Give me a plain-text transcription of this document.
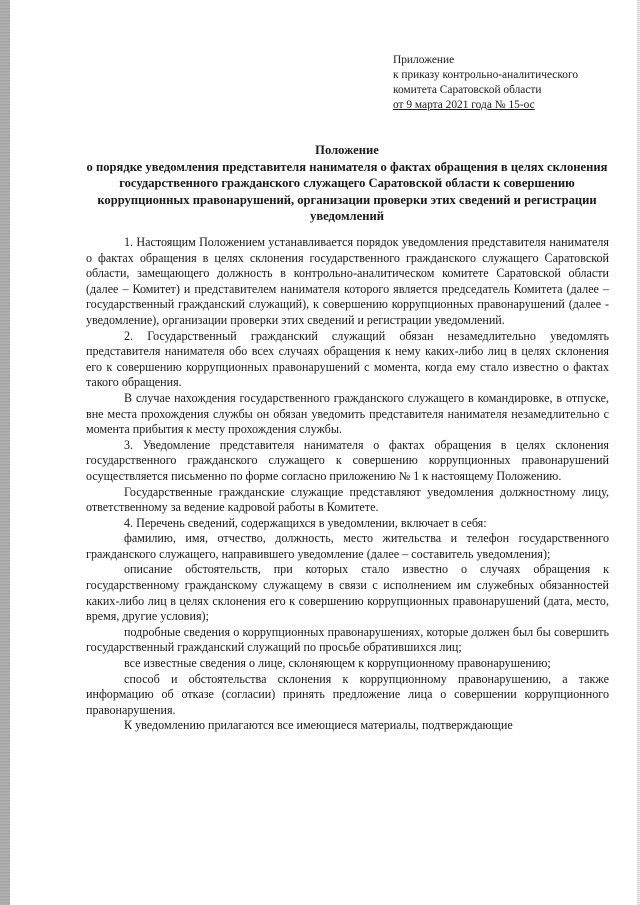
Приложение
к приказу контрольно-аналитического
комитета Саратовской области
от 9 марта 2021 года № 15-ос
Положение
о порядке уведомления представителя нанимателя о фактах обращения в целях склонения государственного гражданского служащего Саратовской области к совершению коррупционных правонарушений, организации проверки этих сведений и регистрации уведомлений

1. Настоящим Положением устанавливается порядок уведомления представителя нанимателя о фактах обращения в целях склонения государственного гражданского служащего Саратовской области, замещающего должность в контрольно-аналитическом комитете Саратовской области (далее – Комитет) и представителем нанимателя которого является председатель Комитета (далее – государственный гражданский служащий), к совершению коррупционных правонарушений (далее - уведомление), организации проверки этих сведений и регистрации уведомлений.

2. Государственный гражданский служащий обязан незамедлительно уведомлять представителя нанимателя обо всех случаях обращения к нему каких-либо лиц в целях склонения его к совершению коррупционных правонарушений с момента, когда ему стало известно о фактах такого обращения.

В случае нахождения государственного гражданского служащего в командировке, в отпуске, вне места прохождения службы он обязан уведомить представителя нанимателя незамедлительно с момента прибытия к месту прохождения службы.

3. Уведомление представителя нанимателя о фактах обращения в целях склонения государственного гражданского служащего к совершению коррупционных правонарушений осуществляется письменно по форме согласно приложению № 1 к настоящему Положению.

Государственные гражданские служащие представляют уведомления должностному лицу, ответственному за ведение кадровой работы в Комитете.

4. Перечень сведений, содержащихся в уведомлении, включает в себя:

фамилию, имя, отчество, должность, место жительства и телефон государственного гражданского служащего, направившего уведомление (далее – составитель уведомления);

описание обстоятельств, при которых стало известно о случаях обращения к государственному гражданскому служащему в связи с исполнением им служебных обязанностей каких-либо лиц в целях склонения его к совершению коррупционных правонарушений (дата, место, время, другие условия);

подробные сведения о коррупционных правонарушениях, которые должен был бы совершить государственный гражданский служащий по просьбе обратившихся лиц;

все известные сведения о лице, склоняющем к коррупционному правонарушению;

способ и обстоятельства склонения к коррупционному правонарушению, а также информацию об отказе (согласии) принять предложение лица о совершении коррупционного правонарушения.

К уведомлению прилагаются все имеющиеся материалы, подтверждающие
